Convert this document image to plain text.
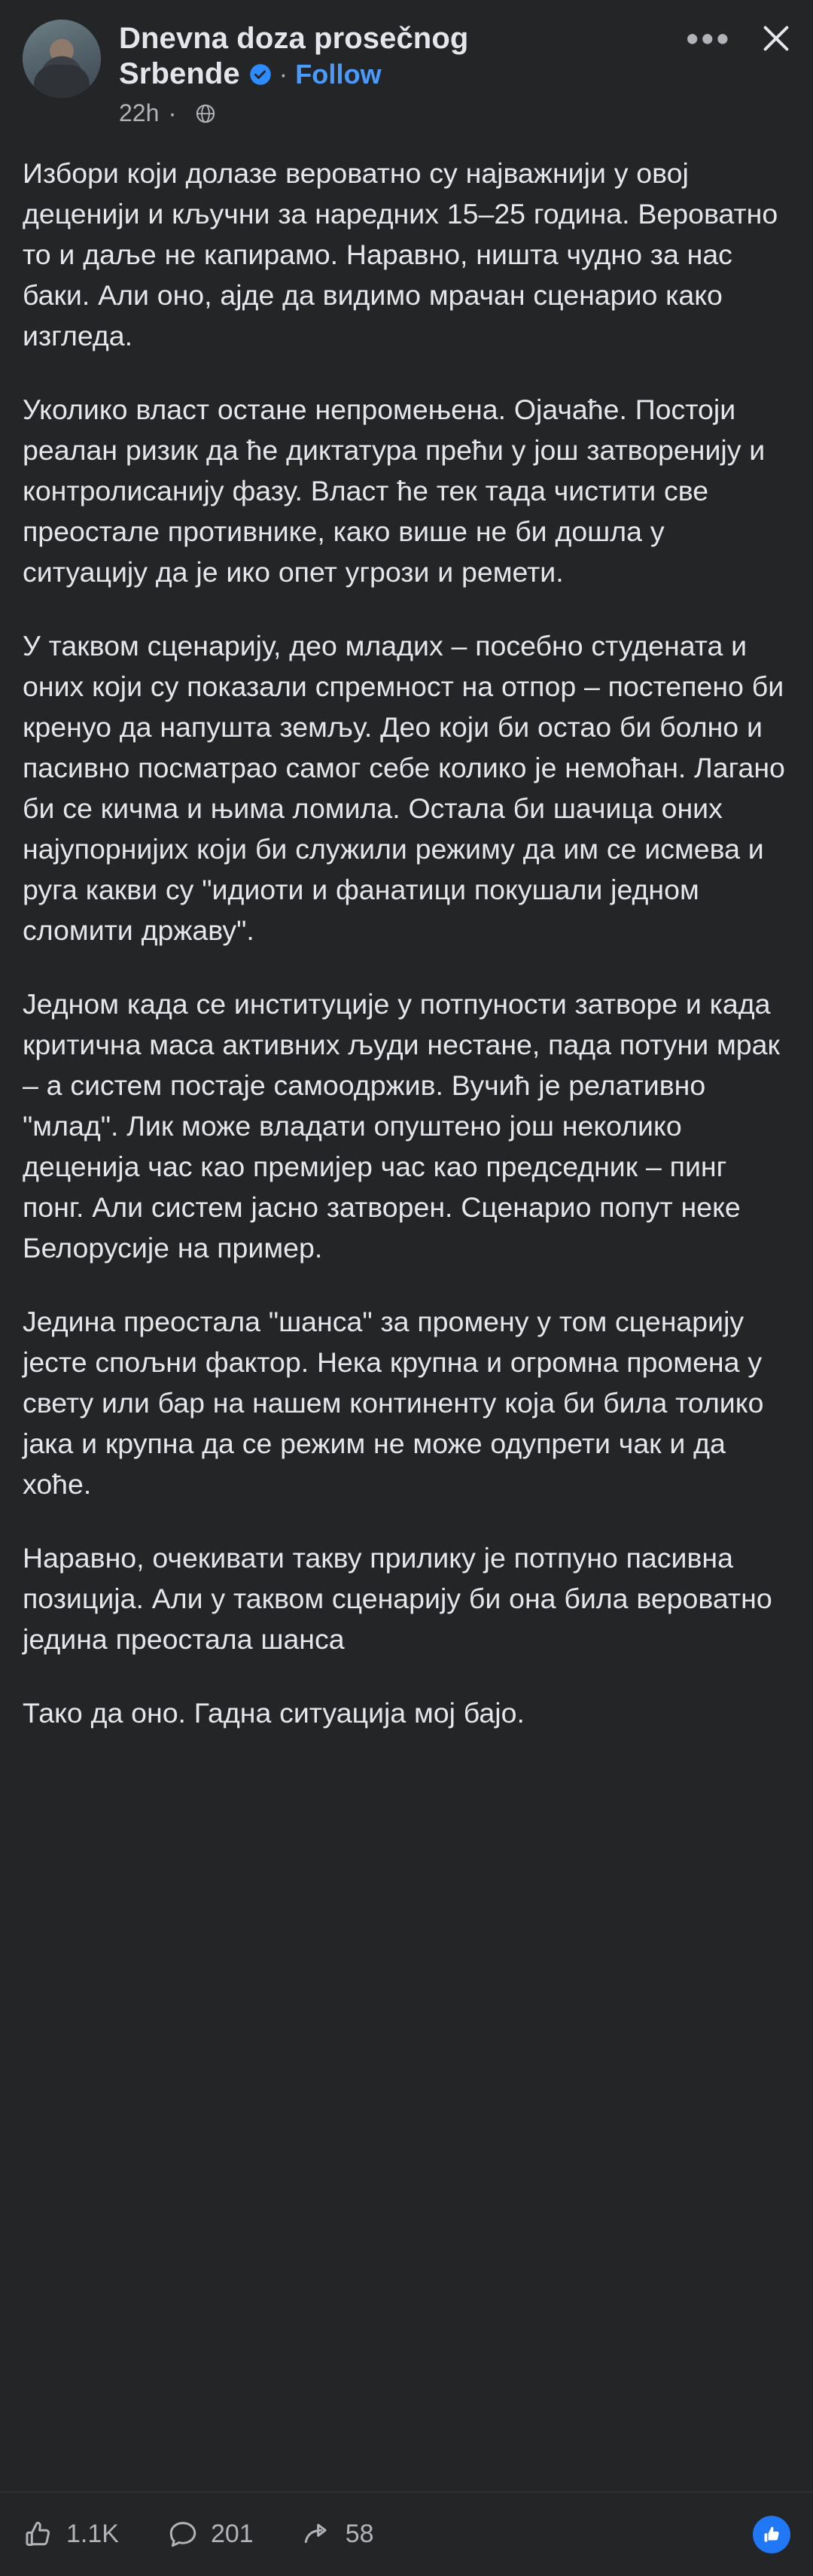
Dnevna doza prosečnog
Srbende · Follow
22h ·
•••

Избори који долазе вероватно су најважнији у овој деценији и кључни за наредних 15–25 година. Вероватно то и даље не капирамо. Наравно, ништа чудно за нас баки. Али оно, ајде да видимо мрачан сценарио како изгледа.

Уколико власт остане непромењена. Ојачаће. Постоји реалан ризик да ће диктатура прећи у још затворенију и контролисанију фазу. Власт ће тек тада чистити све преостале противнике, како више не би дошла у ситуацију да је ико опет угрози и ремети.

У таквом сценарију, део младих – посебно студената и оних који су показали спремност на отпор – постепено би кренуо да напушта земљу. Део који би остао би болно и пасивно посматрао самог себе колико је немоћан. Лагано би се кичма и њима ломила. Остала би шачица оних најупорнијих који би служили режиму да им се исмева и руга какви су "идиоти и фанатици покушали једном сломити државу".

Једном када се институције у потпуности затворе и када критична маса активних људи нестане, пада потуни мрак – а систем постаје самоодржив. Вучић је релативно "млад". Лик може владати опуштено још неколико деценија час као премијер час као председник – пинг понг. Али систем јасно затворен. Сценарио попут неке Белорусије на пример.

Једина преостала "шанса" за промену у том сценарију јесте спољни фактор. Нека крупна и огромна промена у свету или бар на нашем континенту која би била толико јака и крупна да се режим не може одупрети чак и да хоће.

Наравно, очекивати такву прилику је потпуно пасивна позиција. Али у таквом сценарију би она била вероватно једина преостала шанса

Тако да оно. Гадна ситуација мој бајо.

1.1K	201	58
